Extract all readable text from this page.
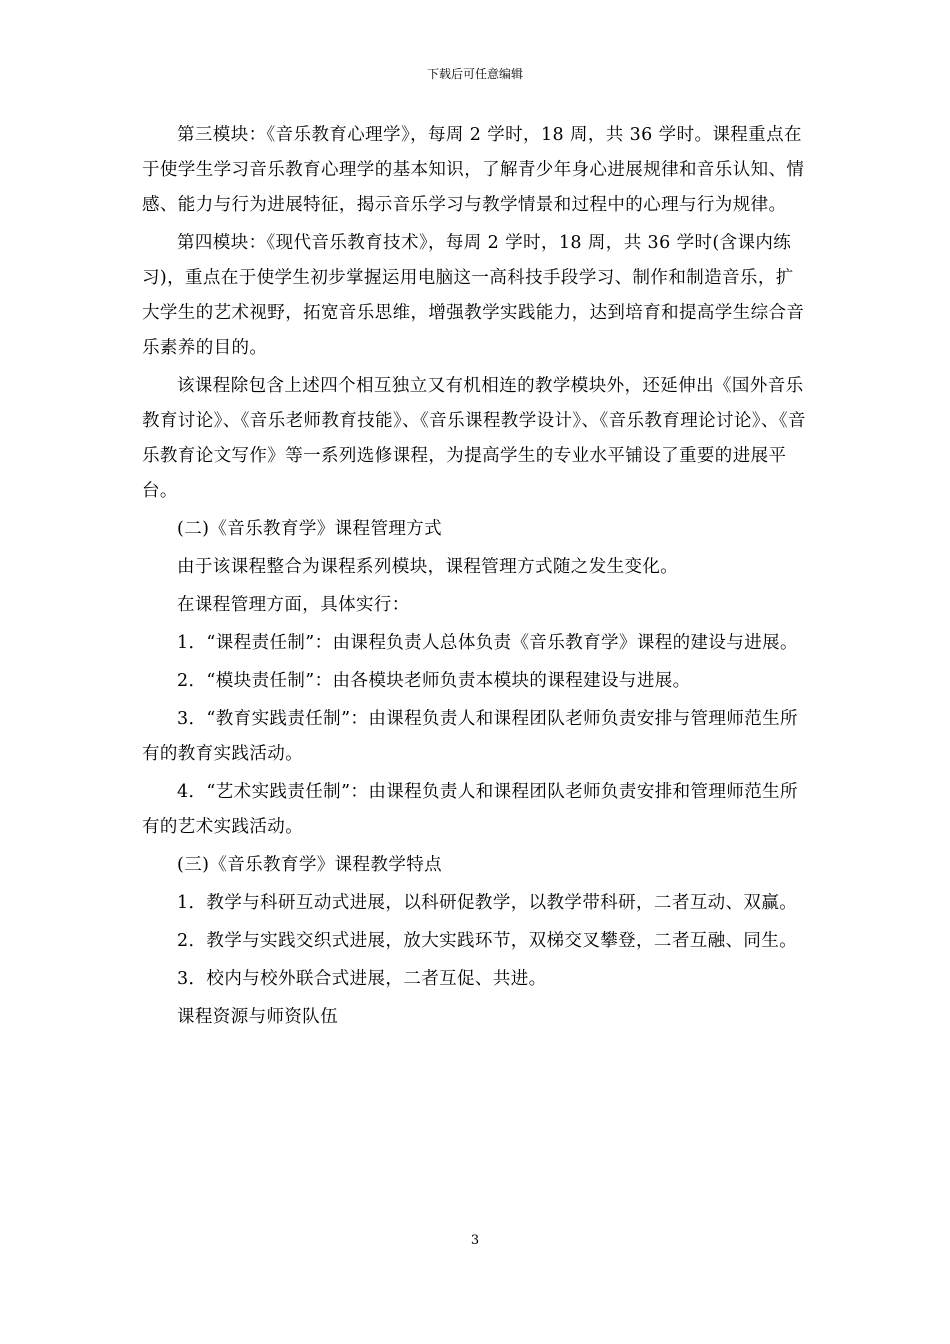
下载后可任意编辑

第三模块：《音乐教育心理学》，每周 2 学时，18 周，共 36 学时。课程重点在于使学生学习音乐教育心理学的基本知识，了解青少年身心进展规律和音乐认知、情感、能力与行为进展特征，揭示音乐学习与教学情景和过程中的心理与行为规律。

第四模块：《现代音乐教育技术》，每周 2 学时，18 周，共 36 学时(含课内练习)，重点在于使学生初步掌握运用电脑这一高科技手段学习、制作和制造音乐，扩大学生的艺术视野，拓宽音乐思维，增强教学实践能力，达到培育和提高学生综合音乐素养的目的。

该课程除包含上述四个相互独立又有机相连的教学模块外，还延伸出《国外音乐教育讨论》、《音乐老师教育技能》、《音乐课程教学设计》、《音乐教育理论讨论》、《音乐教育论文写作》等一系列选修课程，为提高学生的专业水平铺设了重要的进展平台。

(二)《音乐教育学》课程管理方式

由于该课程整合为课程系列模块，课程管理方式随之发生变化。

在课程管理方面，具体实行：

1．“课程责任制”：由课程负责人总体负责《音乐教育学》课程的建设与进展。

2．“模块责任制”：由各模块老师负责本模块的课程建设与进展。

3．“教育实践责任制”：由课程负责人和课程团队老师负责安排与管理师范生所有的教育实践活动。

4．“艺术实践责任制”：由课程负责人和课程团队老师负责安排和管理师范生所有的艺术实践活动。

(三)《音乐教育学》课程教学特点

1．教学与科研互动式进展，以科研促教学，以教学带科研，二者互动、双赢。

2．教学与实践交织式进展，放大实践环节，双梯交叉攀登，二者互融、同生。

3．校内与校外联合式进展，二者互促、共进。

课程资源与师资队伍

3
